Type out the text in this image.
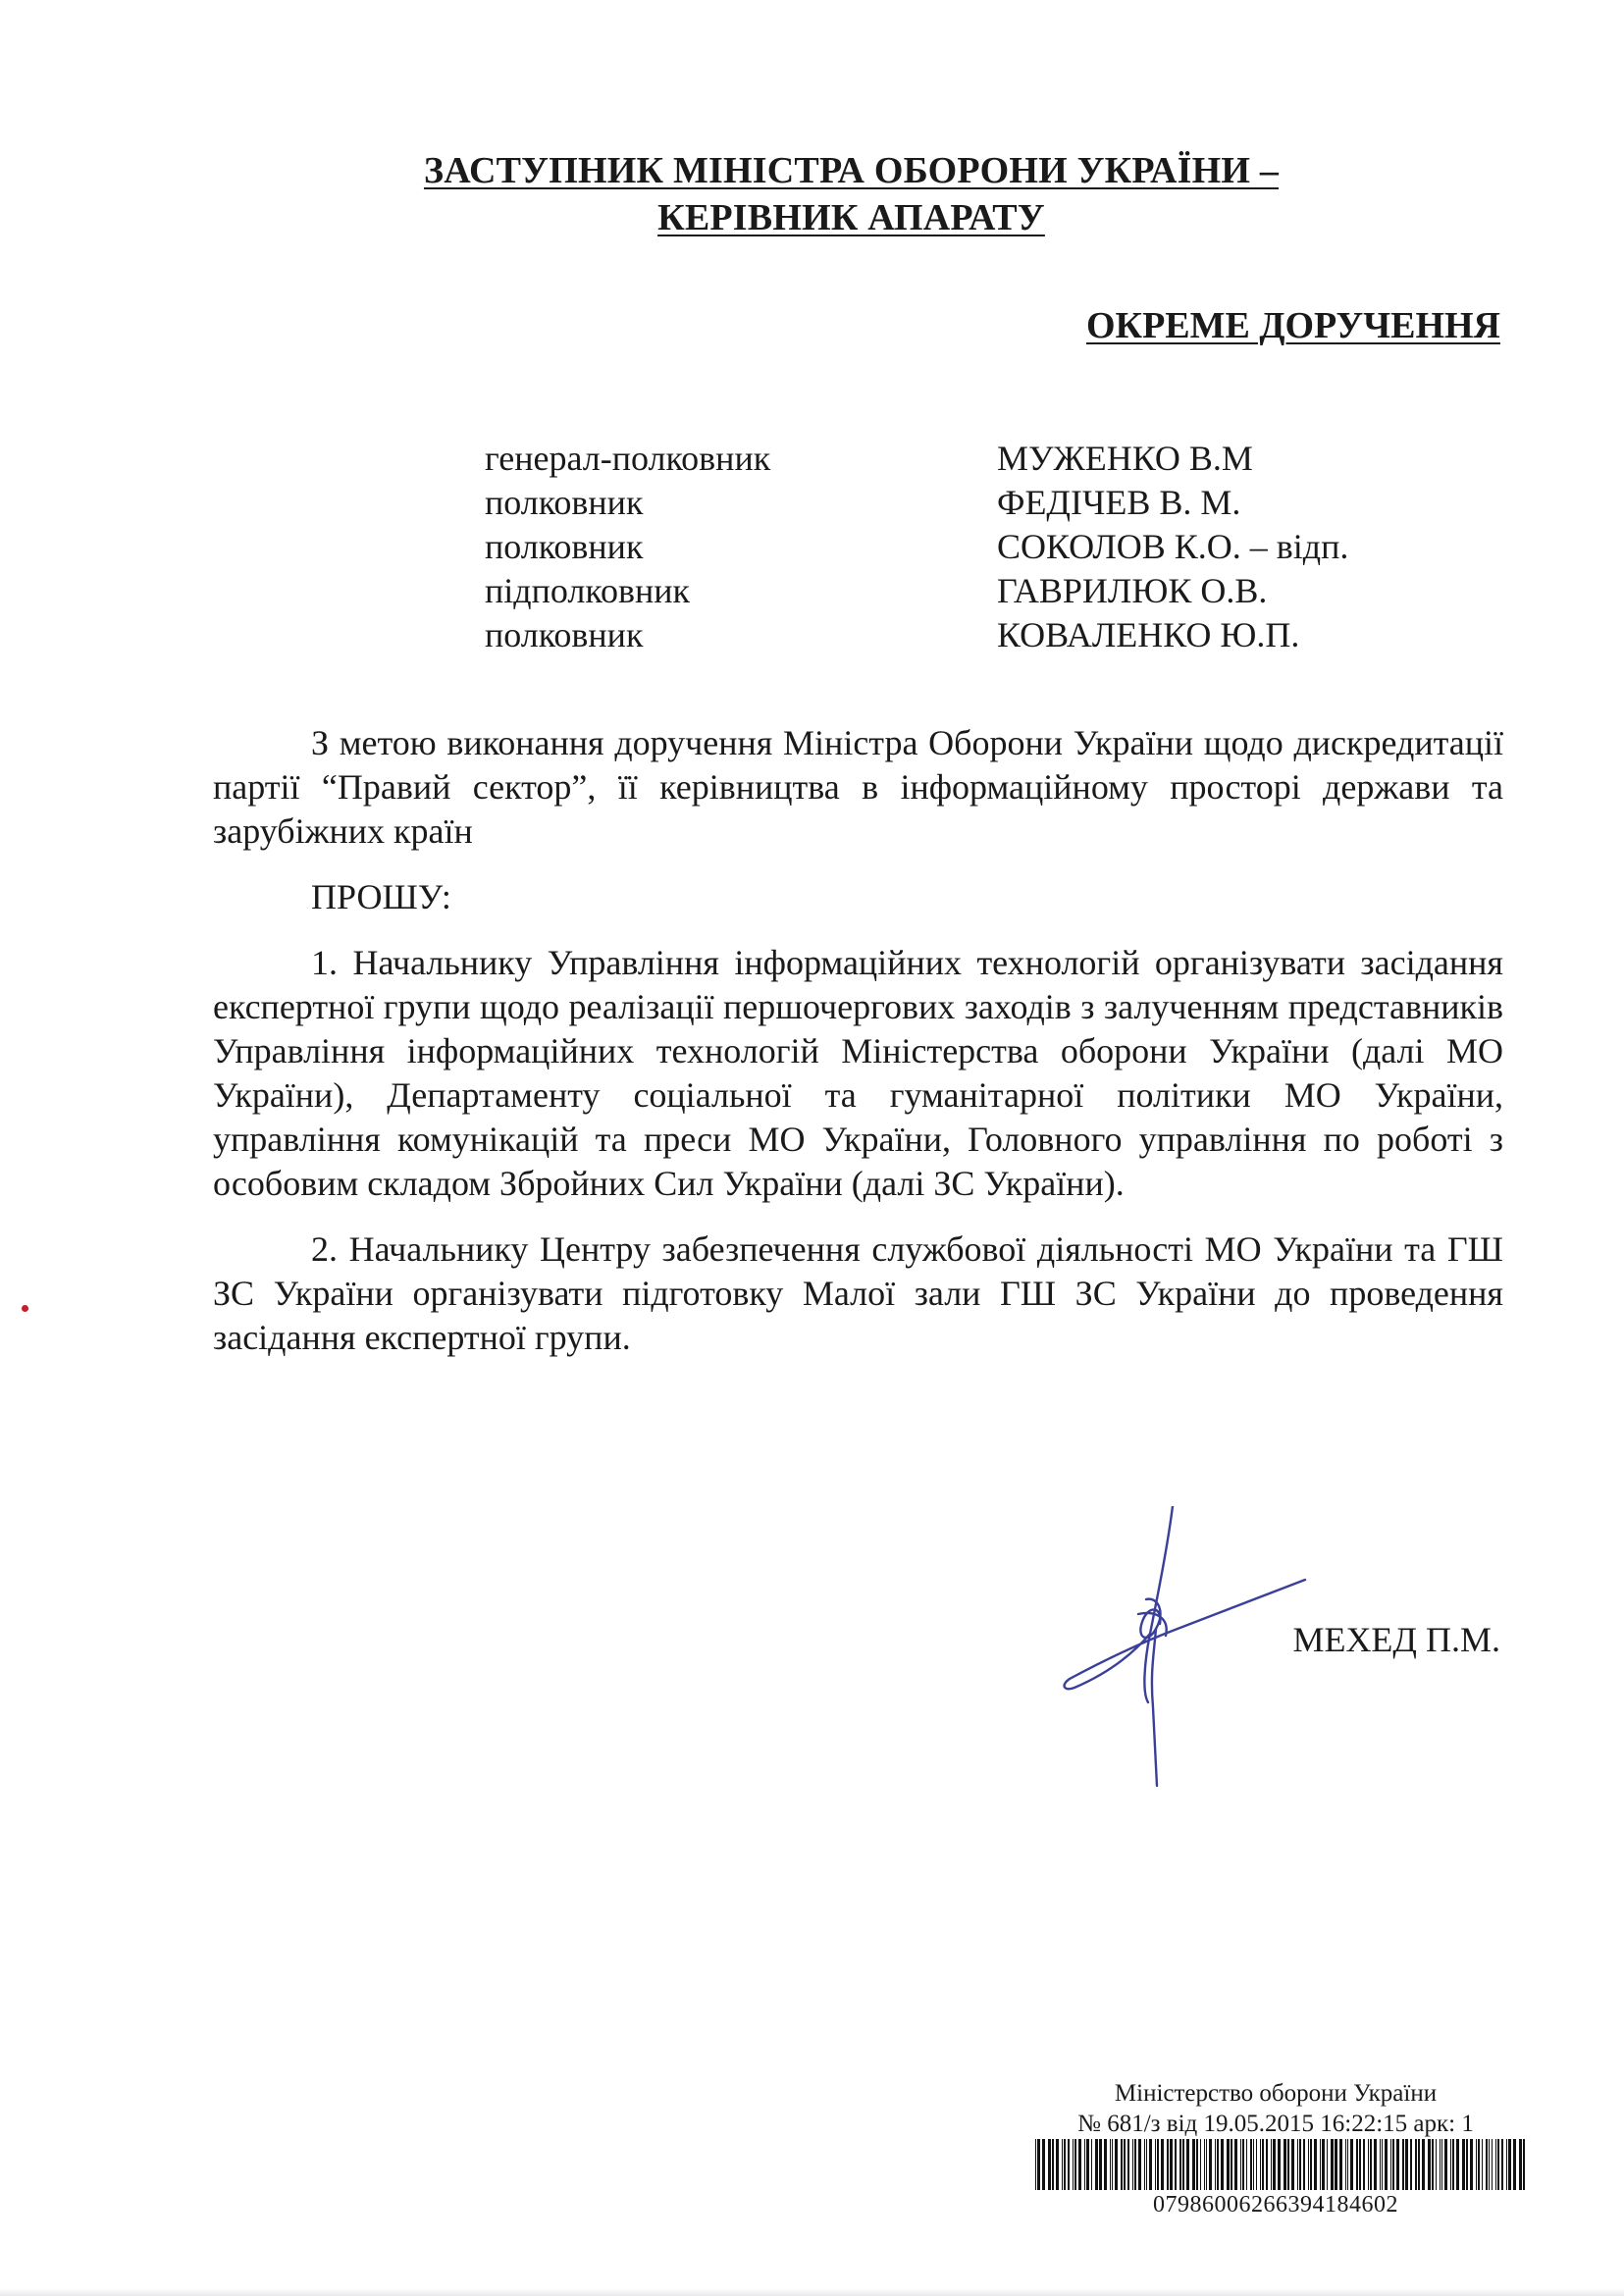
ЗАСТУПНИК МІНІСТРА ОБОРОНИ УКРАЇНИ –
КЕРІВНИК АПАРАТУ
ОКРЕМЕ ДОРУЧЕННЯ
генерал-полковник	МУЖЕНКО В.М
полковник	ФЕДІЧЕВ В. М.
полковник	СОКОЛОВ К.О. – відп.
підполковник	ГАВРИЛЮК О.В.
полковник	КОВАЛЕНКО Ю.П.

З метою виконання доручення Міністра Оборони України щодо дискредитації партії “Правий сектор”, її керівництва в інформаційному просторі держави та зарубіжних країн

ПРОШУ:

1. Начальнику Управління інформаційних технологій організувати засідання експертної групи щодо реалізації першочергових заходів з залученням представників Управління інформаційних технологій Міністерства оборони України (далі МО України), Департаменту соціальної та гуманітарної політики МО України, управління комунікацій та преси МО України, Головного управління по роботі з особовим складом Збройних Сил України (далі ЗС України).

2. Начальнику Центру забезпечення службової діяльності МО України та ГШ ЗС України організувати підготовку Малої зали ГШ ЗС України до проведення засідання експертної групи.

МЕХЕД П.М.
Міністерство оборони України
№ 681/з від 19.05.2015 16:22:15 арк: 1
07986006266394184602
